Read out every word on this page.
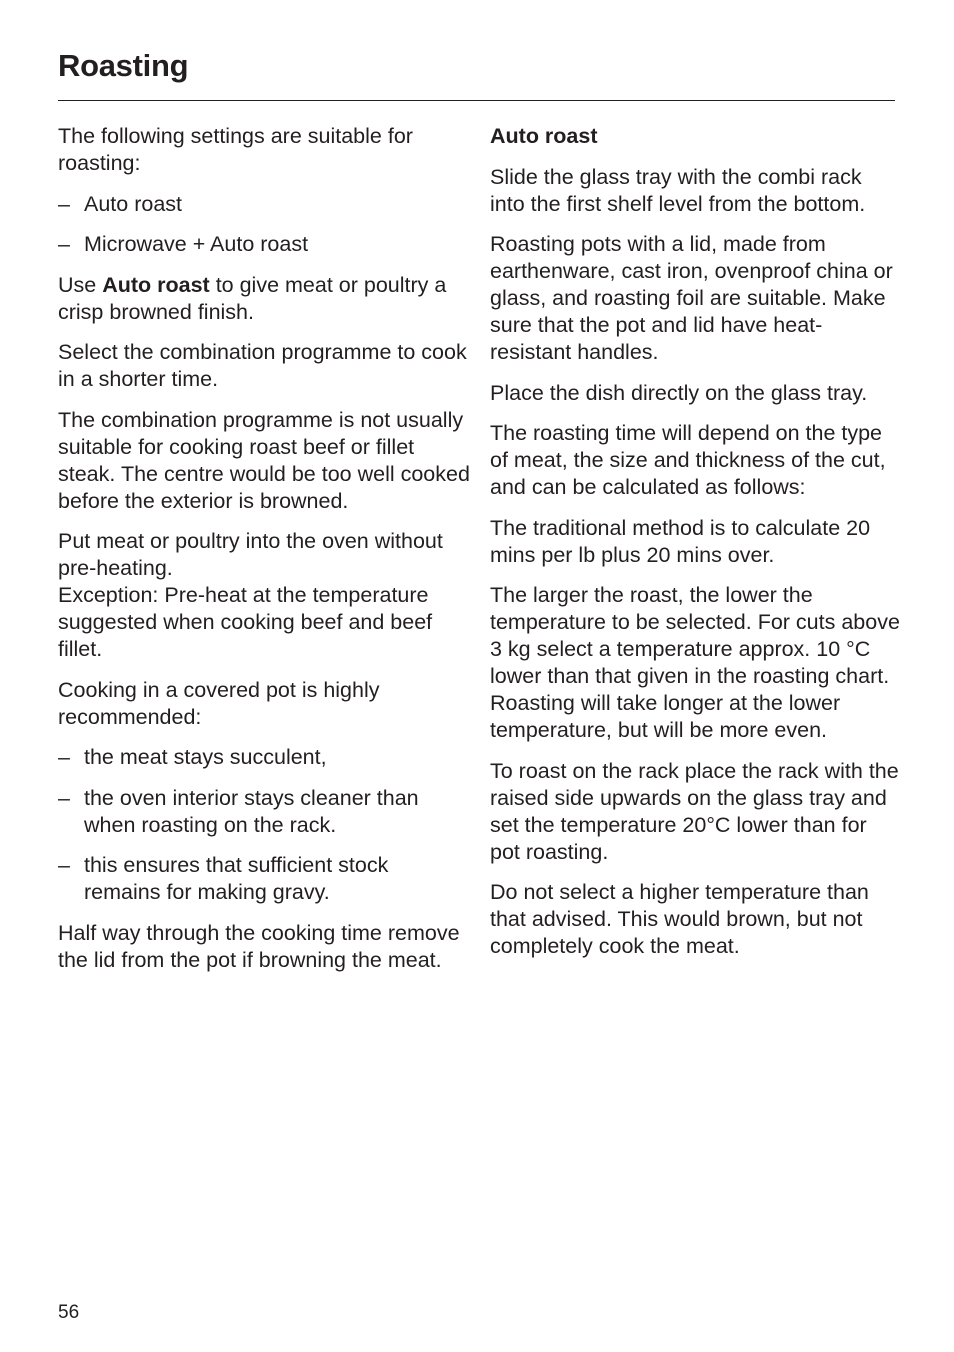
Roasting

The following settings are suitable for roasting:

– Auto roast
– Microwave + Auto roast

Use Auto roast to give meat or poultry a crisp browned finish.

Select the combination programme to cook in a shorter time.

The combination programme is not usually suitable for cooking roast beef or fillet steak. The centre would be too well cooked before the exterior is browned.

Put meat or poultry into the oven without pre-heating.
Exception: Pre-heat at the temperature suggested when cooking beef and beef fillet.

Cooking in a covered pot is highly recommended:

– the meat stays succulent,
– the oven interior stays cleaner than when roasting on the rack.
– this ensures that sufficient stock remains for making gravy.

Half way through the cooking time remove the lid from the pot if browning the meat.

Auto roast

Slide the glass tray with the combi rack into the first shelf level from the bottom.

Roasting pots with a lid, made from earthenware, cast iron, ovenproof china or glass, and roasting foil are suitable. Make sure that the pot and lid have heat-resistant handles.

Place the dish directly on the glass tray.

The roasting time will depend on the type of meat, the size and thickness of the cut, and can be calculated as follows:

The traditional method is to calculate 20 mins per lb plus 20 mins over.

The larger the roast, the lower the temperature to be selected. For cuts above 3 kg select a temperature approx. 10 °C lower than that given in the roasting chart. Roasting will take longer at the lower temperature, but will be more even.

To roast on the rack place the rack with the raised side upwards on the glass tray and set the temperature 20°C lower than for pot roasting.

Do not select a higher temperature than that advised. This would brown, but not completely cook the meat.

56
